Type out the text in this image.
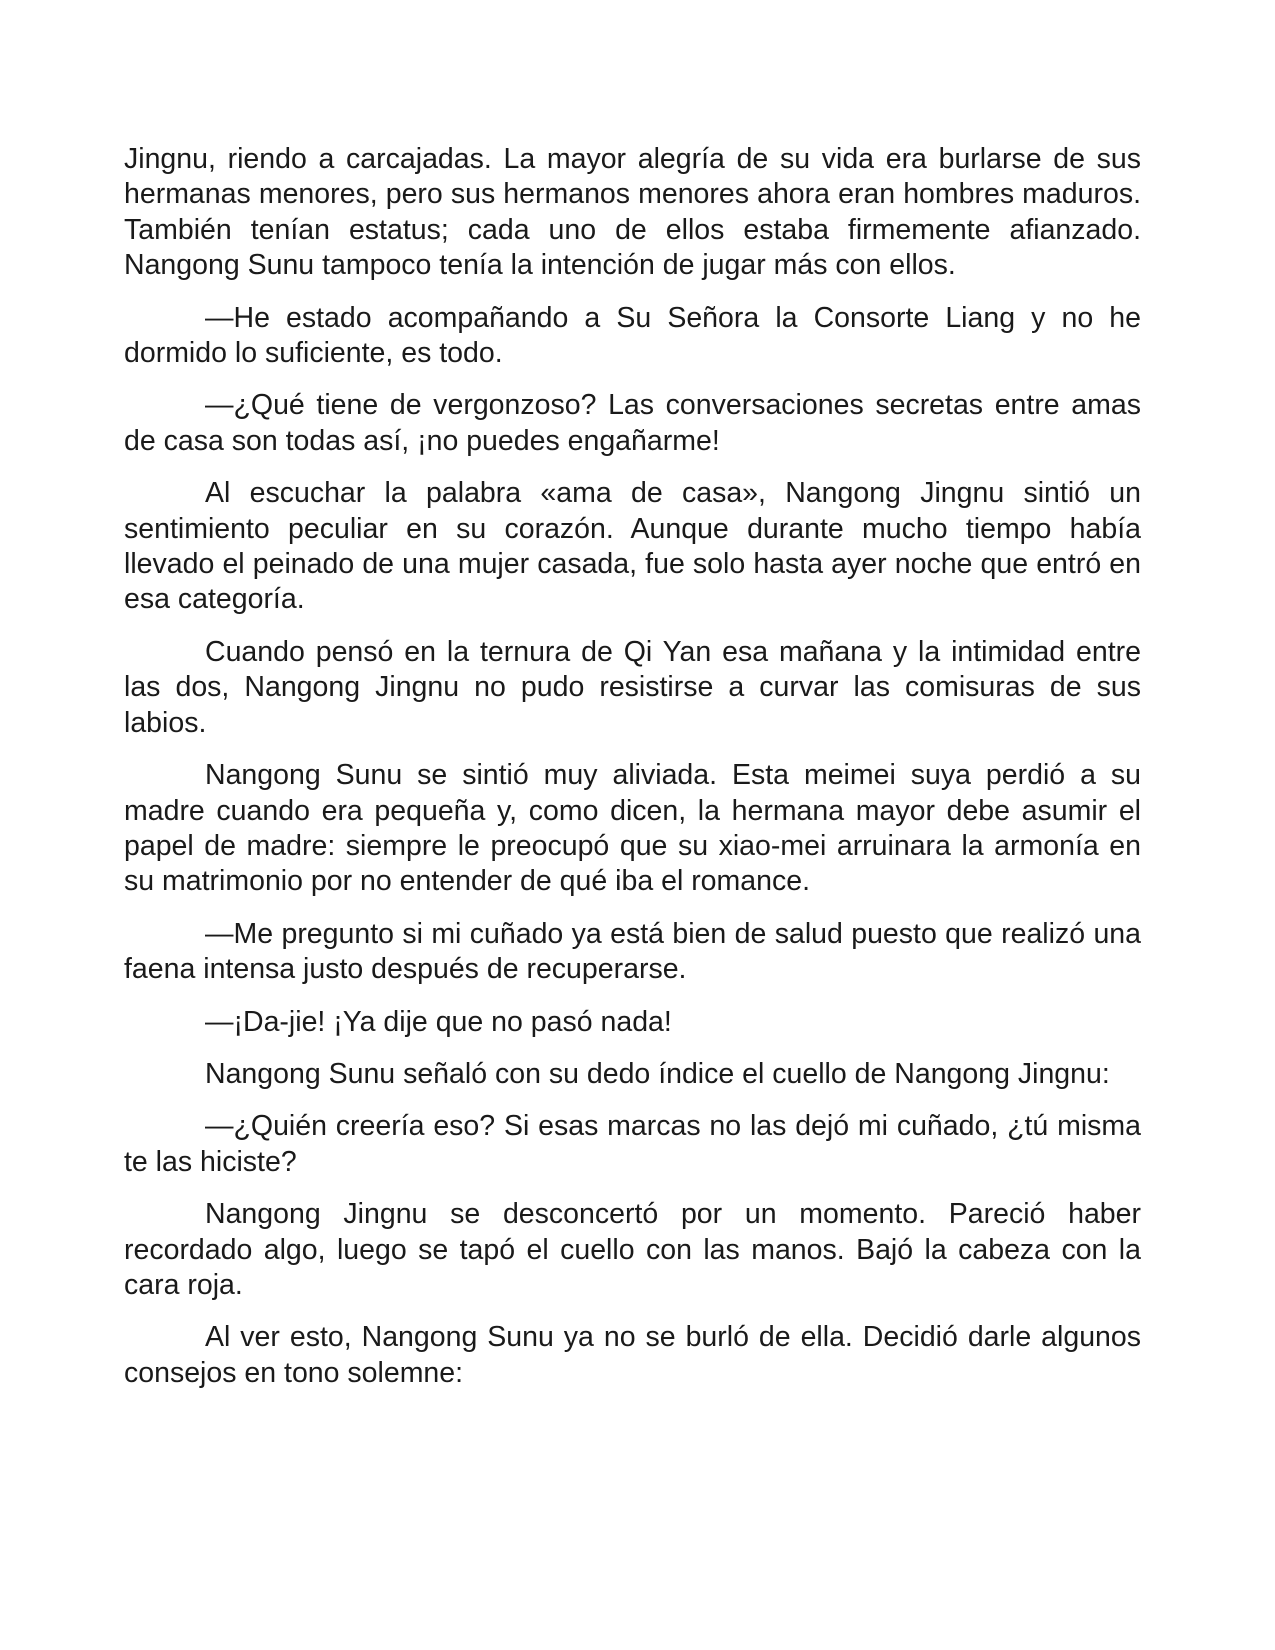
Jingnu, riendo a carcajadas. La mayor alegría de su vida era burlarse de sus hermanas menores, pero sus hermanos menores ahora eran hombres maduros. También tenían estatus; cada uno de ellos estaba firmemente afianzado. Nangong Sunu tampoco tenía la intención de jugar más con ellos.

—He estado acompañando a Su Señora la Consorte Liang y no he dormido lo suficiente, es todo.

—¿Qué tiene de vergonzoso? Las conversaciones secretas entre amas de casa son todas así, ¡no puedes engañarme!

Al escuchar la palabra «ama de casa», Nangong Jingnu sintió un sentimiento peculiar en su corazón. Aunque durante mucho tiempo había llevado el peinado de una mujer casada, fue solo hasta ayer noche que entró en esa categoría.

Cuando pensó en la ternura de Qi Yan esa mañana y la intimidad entre las dos, Nangong Jingnu no pudo resistirse a curvar las comisuras de sus labios.

Nangong Sunu se sintió muy aliviada. Esta meimei suya perdió a su madre cuando era pequeña y, como dicen, la hermana mayor debe asumir el papel de madre: siempre le preocupó que su xiao-mei arruinara la armonía en su matrimonio por no entender de qué iba el romance.

—Me pregunto si mi cuñado ya está bien de salud puesto que realizó una faena intensa justo después de recuperarse.

—¡Da-jie! ¡Ya dije que no pasó nada!

Nangong Sunu señaló con su dedo índice el cuello de Nangong Jingnu:

—¿Quién creería eso? Si esas marcas no las dejó mi cuñado, ¿tú misma te las hiciste?

Nangong Jingnu se desconcertó por un momento. Pareció haber recordado algo, luego se tapó el cuello con las manos. Bajó la cabeza con la cara roja.

Al ver esto, Nangong Sunu ya no se burló de ella. Decidió darle algunos consejos en tono solemne:
